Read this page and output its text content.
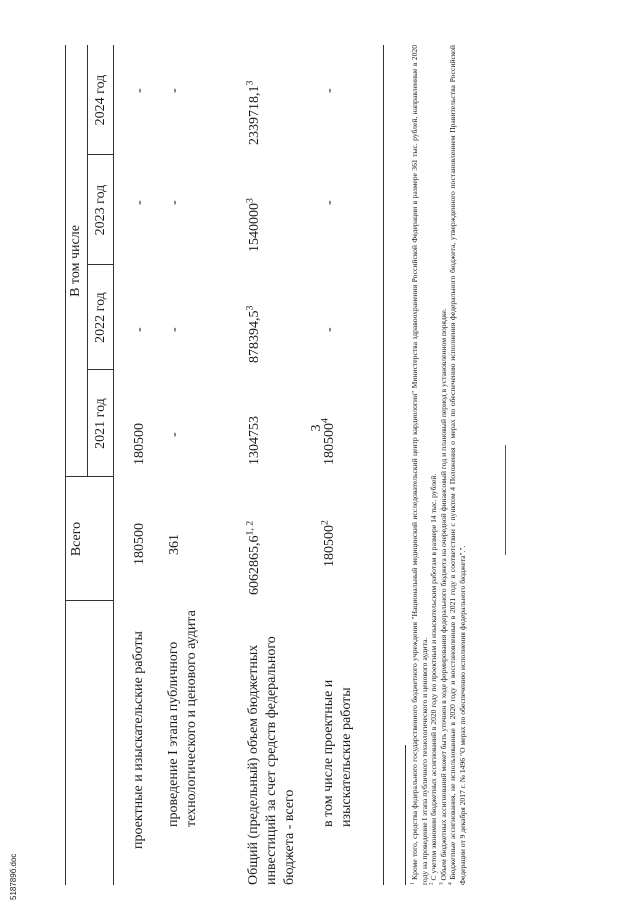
3
Всего
В том числе
2021 год
2022 год
2023 год
2024 год
проектные и изыскательские работы
180500
180500
-
-
-
проведение I этапа публичного технологического и ценового аудита
361
-
-
-
-
Общий (предельный) объем бюджетных инвестиций за счет средств федерального бюджета - всего
6062865,6$^{1, 2}$
1304753
878394,5$^3$
1540000$^3$
2339718,1$^3$
в том числе проектные и изыскательские работы
180500$^2$
180500$^4$
-
-
-

$^1$ Кроме того, средства федерального государственного бюджетного учреждения "Национальный медицинский исследовательский центр кардиологии" Министерства здравоохранения Российской Федерации в размере 361 тыс. рублей, направленные в 2020 году на проведение I этапа публичного технологического и ценового аудита. $^2$ С учетом экономии бюджетных ассигнований в 2020 году по проектным и изыскательским работам в размере 14 тыс. рублей.

$^3$ Объем бюджетных ассигнований может быть уточнен в ходе формирования федерального бюджета на очередной финансовый год и плановый период в установленном порядке.

$^4$ Бюджетные ассигнования, не использованные в 2020 году и восстановленные в 2021 году в соответствии с пунктом 4 Положения о мерах по обеспечению исполнения федерального бюджета, утвержденного постановлением Правительства Российской Федерации от 9 декабря 2017 г. № 1496 "О мерах по обеспечению исполнения федерального бюджета".".

518789б.doc
